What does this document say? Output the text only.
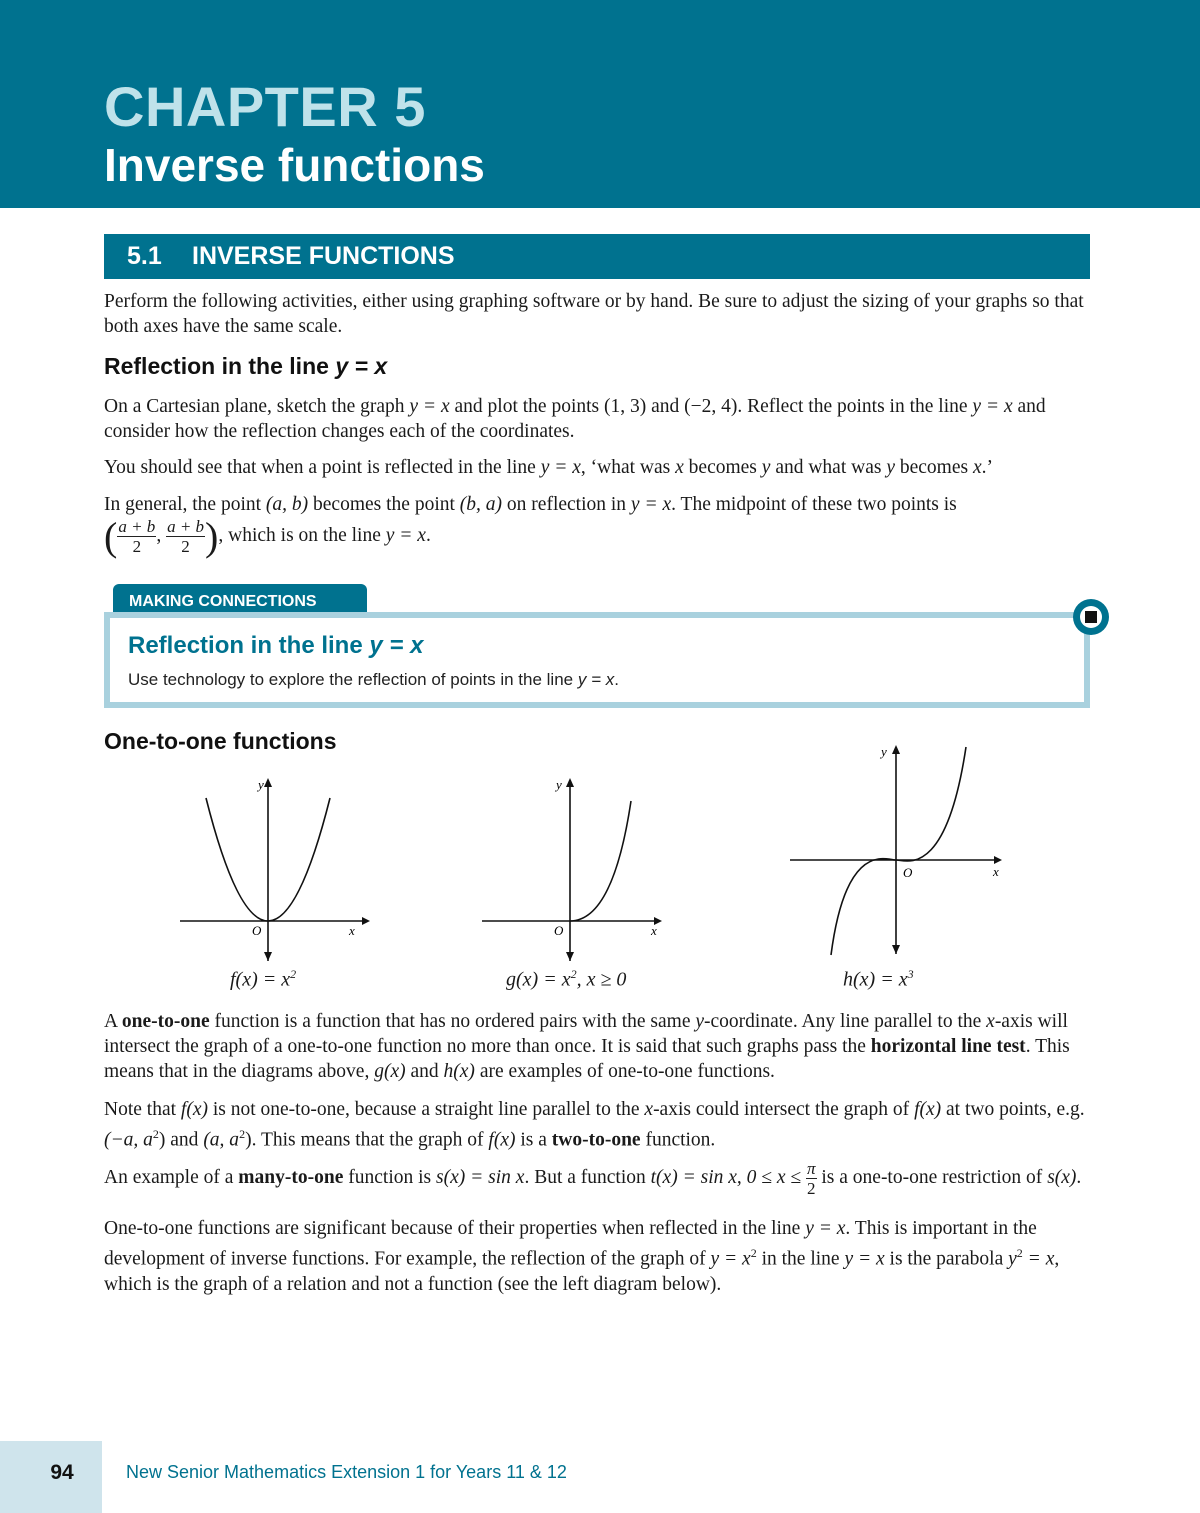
CHAPTER 5
Inverse functions
5.1 INVERSE FUNCTIONS

Perform the following activities, either using graphing software or by hand. Be sure to adjust the sizing of your graphs so that both axes have the same scale.

Reflection in the line y = x

On a Cartesian plane, sketch the graph y = x and plot the points (1, 3) and (−2, 4). Reflect the points in the line y = x and consider how the reflection changes each of the coordinates.

You should see that when a point is reflected in the line y = x, ‘what was x becomes y and what was y becomes x.’

In general, the point (a, b) becomes the point (b, a) on reflection in y = x. The midpoint of these two points is

( $\frac{a + b}{2}$ , $\frac{a + b}{2}$ ), which is on the line y = x.

MAKING CONNECTIONS
Reflection in the line y = x

Use technology to explore the reflection of points in the line y = x.

One-to-one functions
y
O	x
$f(x) = x^2$
y
O	x
$g(x) = x^2$, x ≥ 0
y
O	x
$h(x) = x^3$

A one-to-one function is a function that has no ordered pairs with the same y-coordinate. Any line parallel to the x-axis will intersect the graph of a one-to-one function no more than once. It is said that such graphs pass the horizontal line test. This means that in the diagrams above, g(x) and h(x) are examples of one-to-one functions.

Note that f(x) is not one-to-one, because a straight line parallel to the x-axis could intersect the graph of f(x) at two points, e.g. (−a, $a^2$) and (a, $a^2$). This means that the graph of f(x) is a two-to-one function.

An example of a many-to-one function is s(x) = sin x. But a function t(x) = sin x, $0 \le x \le \frac{\pi}{2}$ is a one-to-one restriction of s(x).

One-to-one functions are significant because of their properties when reflected in the line y = x. This is important in the development of inverse functions. For example, the reflection of the graph of $y = x^2$ in the line y = x is the parabola $y^2 = x$, which is the graph of a relation and not a function (see the left diagram below).

94	New Senior Mathematics Extension 1 for Years 11 & 12
